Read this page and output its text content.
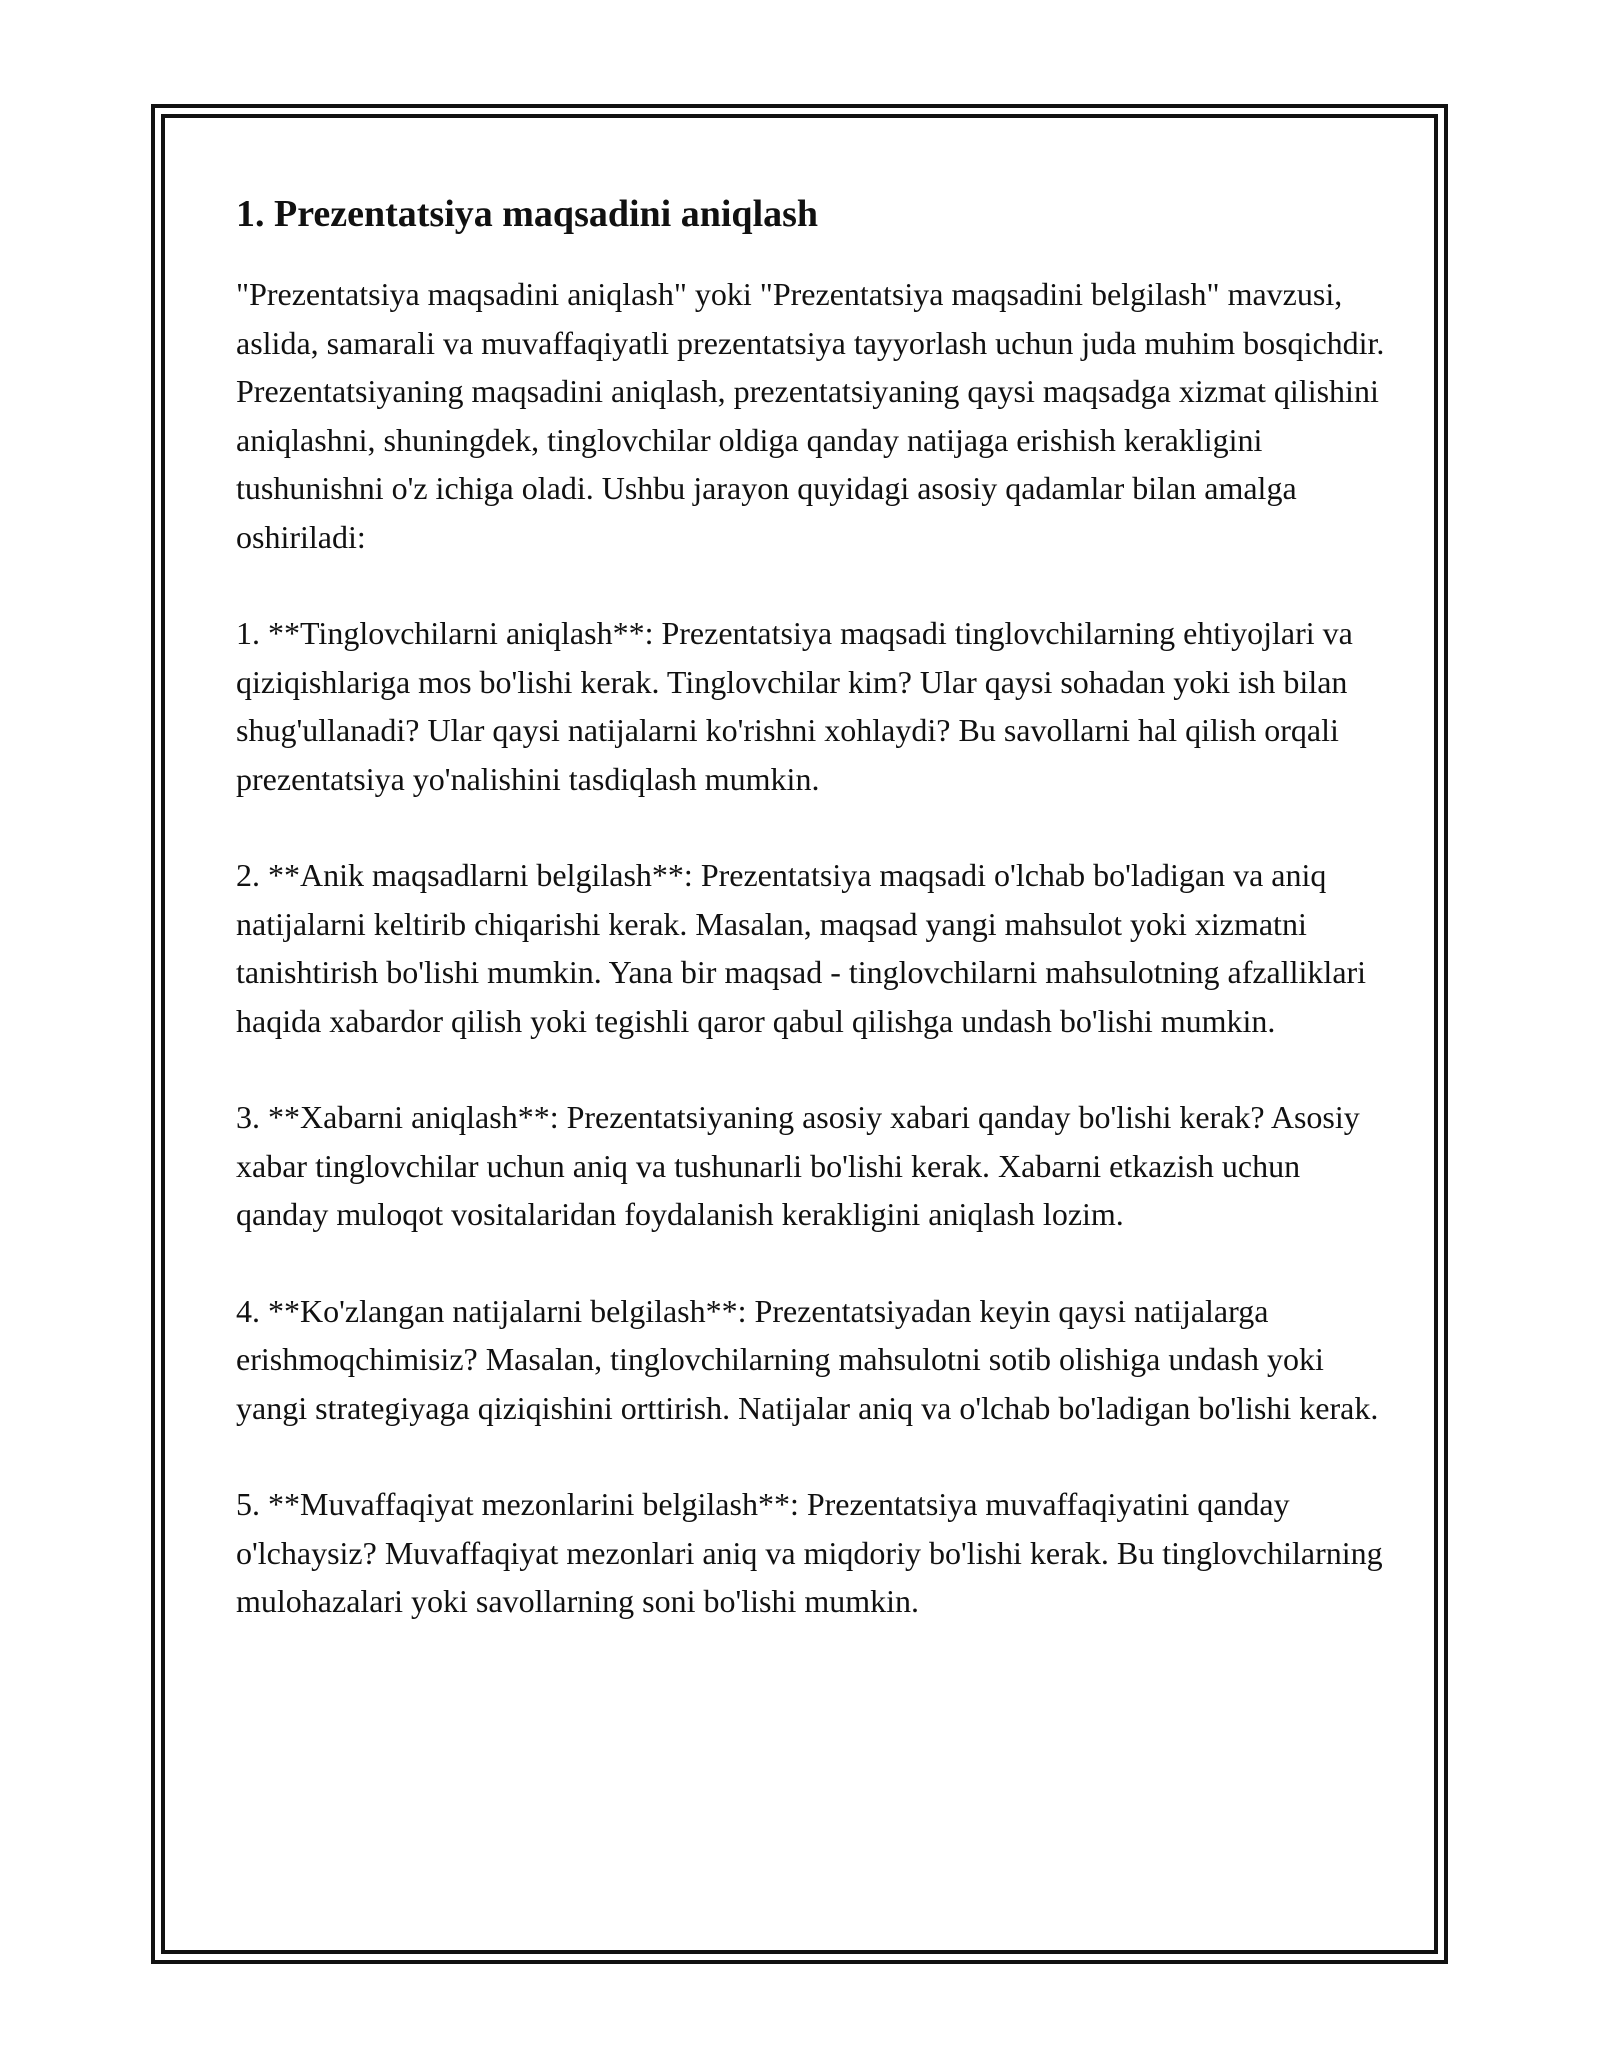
1. Prezentatsiya maqsadini aniqlash

"Prezentatsiya maqsadini aniqlash" yoki "Prezentatsiya maqsadini belgilash" mavzusi, aslida, samarali va muvaffaqiyatli prezentatsiya tayyorlash uchun juda muhim bosqichdir. Prezentatsiyaning maqsadini aniqlash, prezentatsiyaning qaysi maqsadga xizmat qilishini aniqlashni, shuningdek, tinglovchilar oldiga qanday natijaga erishish kerakligini tushunishni o'z ichiga oladi. Ushbu jarayon quyidagi asosiy qadamlar bilan amalga oshiriladi:

1. **Tinglovchilarni aniqlash**: Prezentatsiya maqsadi tinglovchilarning ehtiyojlari va qiziqishlariga mos bo'lishi kerak. Tinglovchilar kim? Ular qaysi sohadan yoki ish bilan shug'ullanadi? Ular qaysi natijalarni ko'rishni xohlaydi? Bu savollarni hal qilish orqali prezentatsiya yo'nalishini tasdiqlash mumkin.

2. **Anik maqsadlarni belgilash**: Prezentatsiya maqsadi o'lchab bo'ladigan va aniq natijalarni keltirib chiqarishi kerak. Masalan, maqsad yangi mahsulot yoki xizmatni tanishtirish bo'lishi mumkin. Yana bir maqsad - tinglovchilarni mahsulotning afzalliklari haqida xabardor qilish yoki tegishli qaror qabul qilishga undash bo'lishi mumkin.

3. **Xabarni aniqlash**: Prezentatsiyaning asosiy xabari qanday bo'lishi kerak? Asosiy xabar tinglovchilar uchun aniq va tushunarli bo'lishi kerak. Xabarni etkazish uchun qanday muloqot vositalaridan foydalanish kerakligini aniqlash lozim.

4. **Ko'zlangan natijalarni belgilash**: Prezentatsiyadan keyin qaysi natijalarga erishmoqchimisiz? Masalan, tinglovchilarning mahsulotni sotib olishiga undash yoki yangi strategiyaga qiziqishini orttirish. Natijalar aniq va o'lchab bo'ladigan bo'lishi kerak.

5. **Muvaffaqiyat mezonlarini belgilash**: Prezentatsiya muvaffaqiyatini qanday o'lchaysiz? Muvaffaqiyat mezonlari aniq va miqdoriy bo'lishi kerak. Bu tinglovchilarning mulohazalari yoki savollarning soni bo'lishi mumkin.
